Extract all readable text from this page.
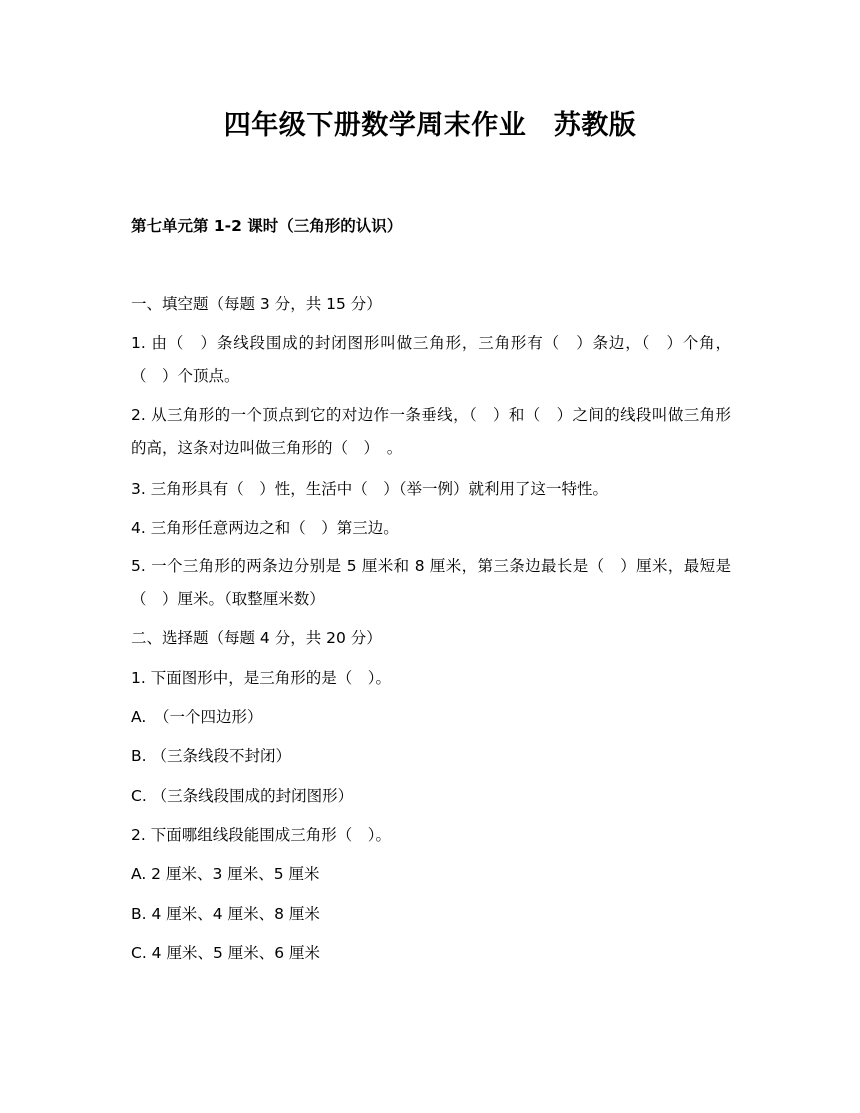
四年级下册数学周末作业　苏教版
第七单元第 1-2 课时（三角形的认识）
一、填空题（每题 3 分，共 15 分）
1. 由（　）条线段围成的封闭图形叫做三角形，三角形有（　）条边，（　）个角，（　）个顶点。
2. 从三角形的一个顶点到它的对边作一条垂线，（　）和（　）之间的线段叫做三角形的高，这条对边叫做三角形的（　）　。
3. 三角形具有（　）性，生活中（　）（举一例）就利用了这一特性。
4. 三角形任意两边之和（　）第三边。
5. 一个三角形的两条边分别是 5 厘米和 8 厘米，第三条边最长是（　）厘米，最短是（　）厘米。（取整厘米数）
二、选择题（每题 4 分，共 20 分）
1. 下面图形中，是三角形的是（　）。
A.　（一个四边形）
B. （三条线段不封闭）
C. （三条线段围成的封闭图形）
2. 下面哪组线段能围成三角形（　）。
A. 2 厘米、3 厘米、5 厘米
B. 4 厘米、4 厘米、8 厘米
C. 4 厘米、5 厘米、6 厘米
